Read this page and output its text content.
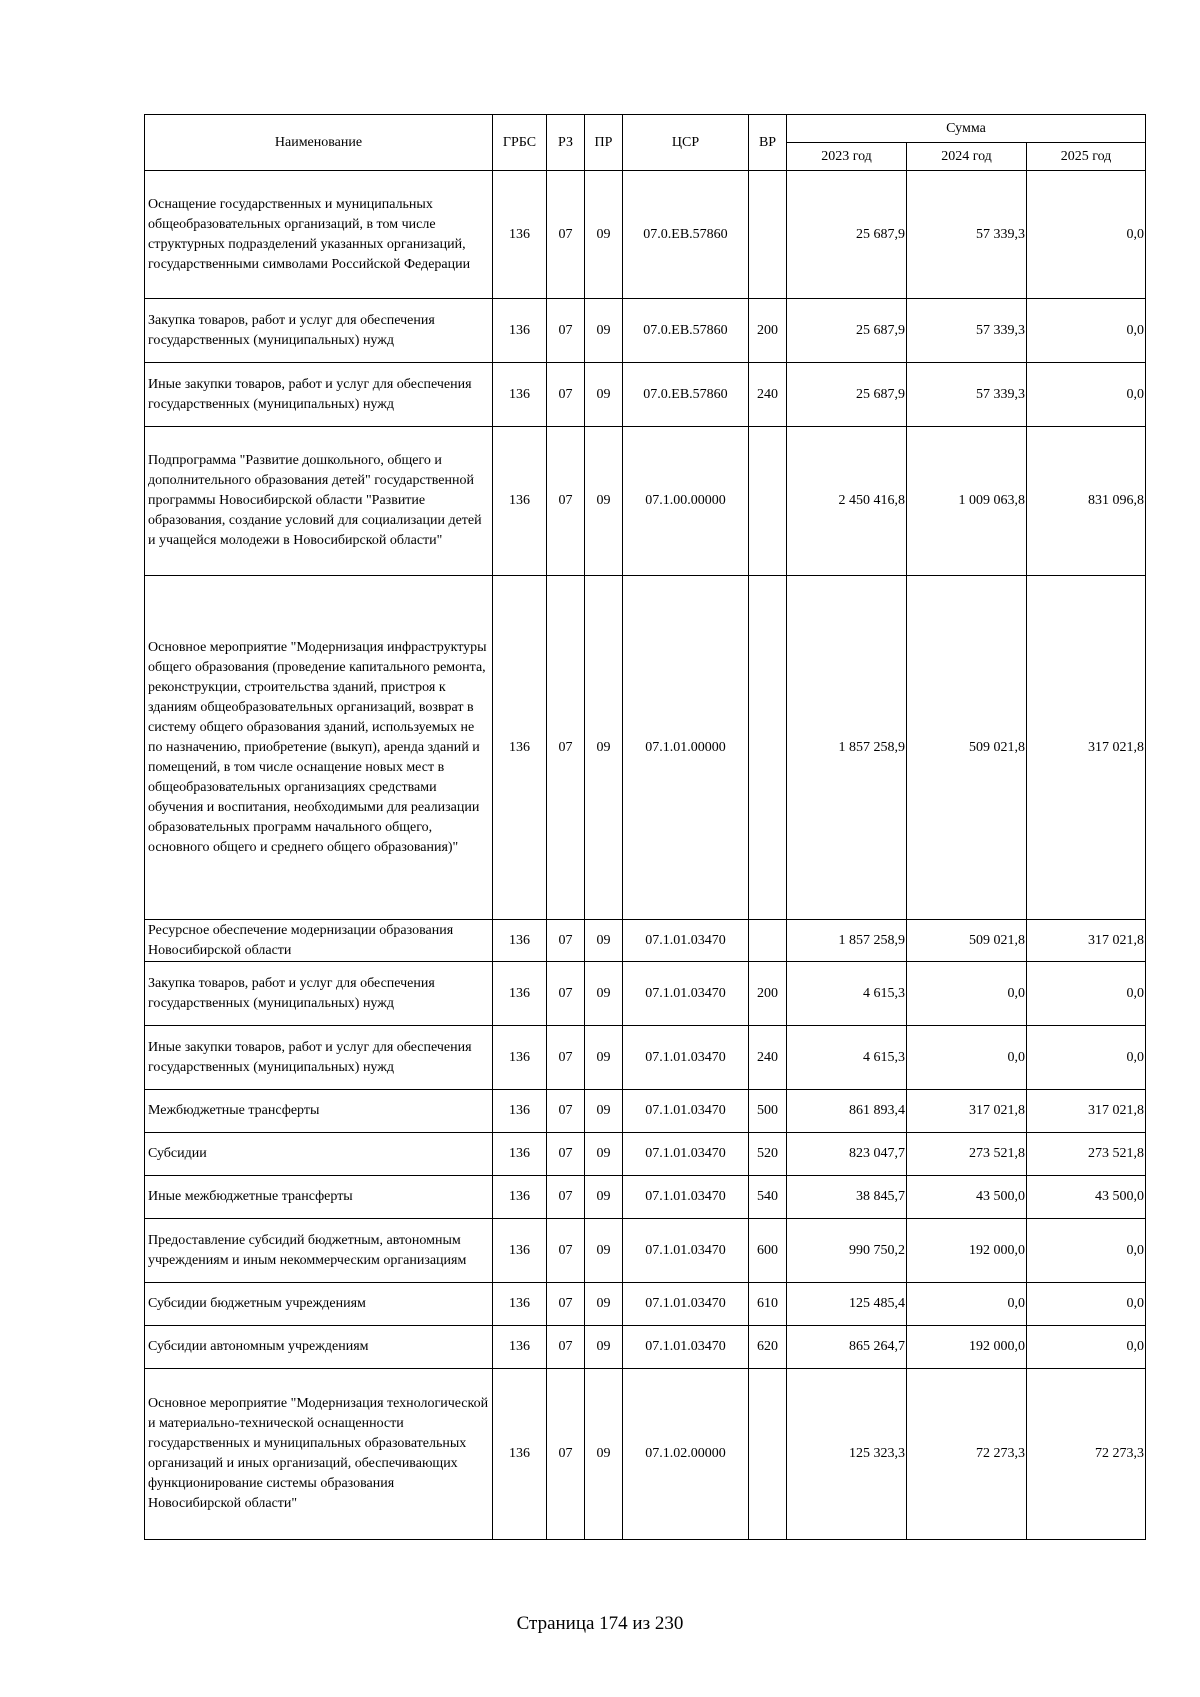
Наименование	ГРБС	РЗ	ПР	ЦСР	ВР	Сумма		
						2023 год	2024 год	2025 год
Оснащение государственных и муниципальных общеобразовательных организаций, в том числе структурных подразделений указанных организаций, государственными символами Российской Федерации	136	07	09	07.0.EB.57860		25 687,9	57 339,3	0,0
Закупка товаров, работ и услуг для обеспечения государственных (муниципальных) нужд	136	07	09	07.0.EB.57860	200	25 687,9	57 339,3	0,0
Иные закупки товаров, работ и услуг для обеспечения государственных (муниципальных) нужд	136	07	09	07.0.EB.57860	240	25 687,9	57 339,3	0,0
Подпрограмма "Развитие дошкольного, общего и дополнительного образования детей" государственной программы Новосибирской области "Развитие образования, создание условий для социализации детей и учащейся молодежи в Новосибирской области"	136	07	09	07.1.00.00000		2 450 416,8	1 009 063,8	831 096,8
Основное мероприятие "Модернизация инфраструктуры общего образования (проведение капитального ремонта, реконструкции, строительства зданий, пристроя к зданиям общеобразовательных организаций, возврат в систему общего образования зданий, используемых не по назначению, приобретение (выкуп), аренда зданий и помещений, в том числе оснащение новых мест в общеобразовательных организациях средствами обучения и воспитания, необходимыми для реализации образовательных программ начального общего, основного общего и среднего общего образования)"	136	07	09	07.1.01.00000		1 857 258,9	509 021,8	317 021,8
Ресурсное обеспечение модернизации образования Новосибирской области	136	07	09	07.1.01.03470		1 857 258,9	509 021,8	317 021,8
Закупка товаров, работ и услуг для обеспечения государственных (муниципальных) нужд	136	07	09	07.1.01.03470	200	4 615,3	0,0	0,0
Иные закупки товаров, работ и услуг для обеспечения государственных (муниципальных) нужд	136	07	09	07.1.01.03470	240	4 615,3	0,0	0,0
Межбюджетные трансферты	136	07	09	07.1.01.03470	500	861 893,4	317 021,8	317 021,8
Субсидии	136	07	09	07.1.01.03470	520	823 047,7	273 521,8	273 521,8
Иные межбюджетные трансферты	136	07	09	07.1.01.03470	540	38 845,7	43 500,0	43 500,0
Предоставление субсидий бюджетным, автономным учреждениям и иным некоммерческим организациям	136	07	09	07.1.01.03470	600	990 750,2	192 000,0	0,0
Субсидии бюджетным учреждениям	136	07	09	07.1.01.03470	610	125 485,4	0,0	0,0
Субсидии автономным учреждениям	136	07	09	07.1.01.03470	620	865 264,7	192 000,0	0,0
Основное мероприятие "Модернизация технологической и материально-технической оснащенности государственных и муниципальных образовательных организаций и иных организаций, обеспечивающих функционирование системы образования Новосибирской области"	136	07	09	07.1.02.00000		125 323,3	72 273,3	72 273,3
Страница 174 из 230
